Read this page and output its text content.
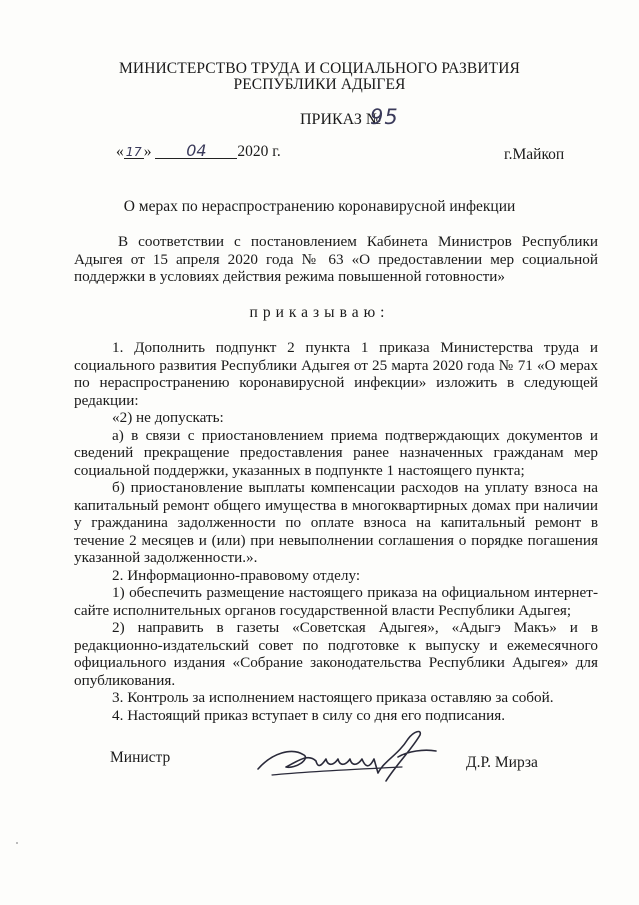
МИНИСТЕРСТВО ТРУДА И СОЦИАЛЬНОГО РАЗВИТИЯ
РЕСПУБЛИКИ АДЫГЕЯ
ПРИКАЗ №
95
« 17 » 04 2020 г.	г.Майкоп
О мерах по нераспространению коронавирусной инфекции

В соответствии с постановлением Кабинета Министров Республики Адыгея от 15 апреля 2020 года № 63 «О предоставлении мер социальной поддержки в условиях действия режима повышенной готовности»

приказываю:

1. Дополнить подпункт 2 пункта 1 приказа Министерства труда и социального развития Республики Адыгея от 25 марта 2020 года № 71 «О мерах по нераспространению коронавирусной инфекции» изложить в следующей редакции:

«2) не допускать:

а) в связи с приостановлением приема подтверждающих документов и сведений прекращение предоставления ранее назначенных гражданам мер социальной поддержки, указанных в подпункте 1 настоящего пункта;

б) приостановление выплаты компенсации расходов на уплату взноса на капитальный ремонт общего имущества в многоквартирных домах при наличии у гражданина задолженности по оплате взноса на капитальный ремонт в течение 2 месяцев и (или) при невыполнении соглашения о порядке погашения указанной задолженности.».

2. Информационно-правовому отделу:

1) обеспечить размещение настоящего приказа на официальном интернет-сайте исполнительных органов государственной власти Республики Адыгея;

2) направить в газеты «Советская Адыгея», «Адыгэ Макъ» и в редакционно-издательский совет по подготовке к выпуску и ежемесячного официального издания «Собрание законодательства Республики Адыгея» для опубликования.

3. Контроль за исполнением настоящего приказа оставляю за собой.

4. Настоящий приказ вступает в силу со дня его подписания.

Министр	Д.Р. Мирза
